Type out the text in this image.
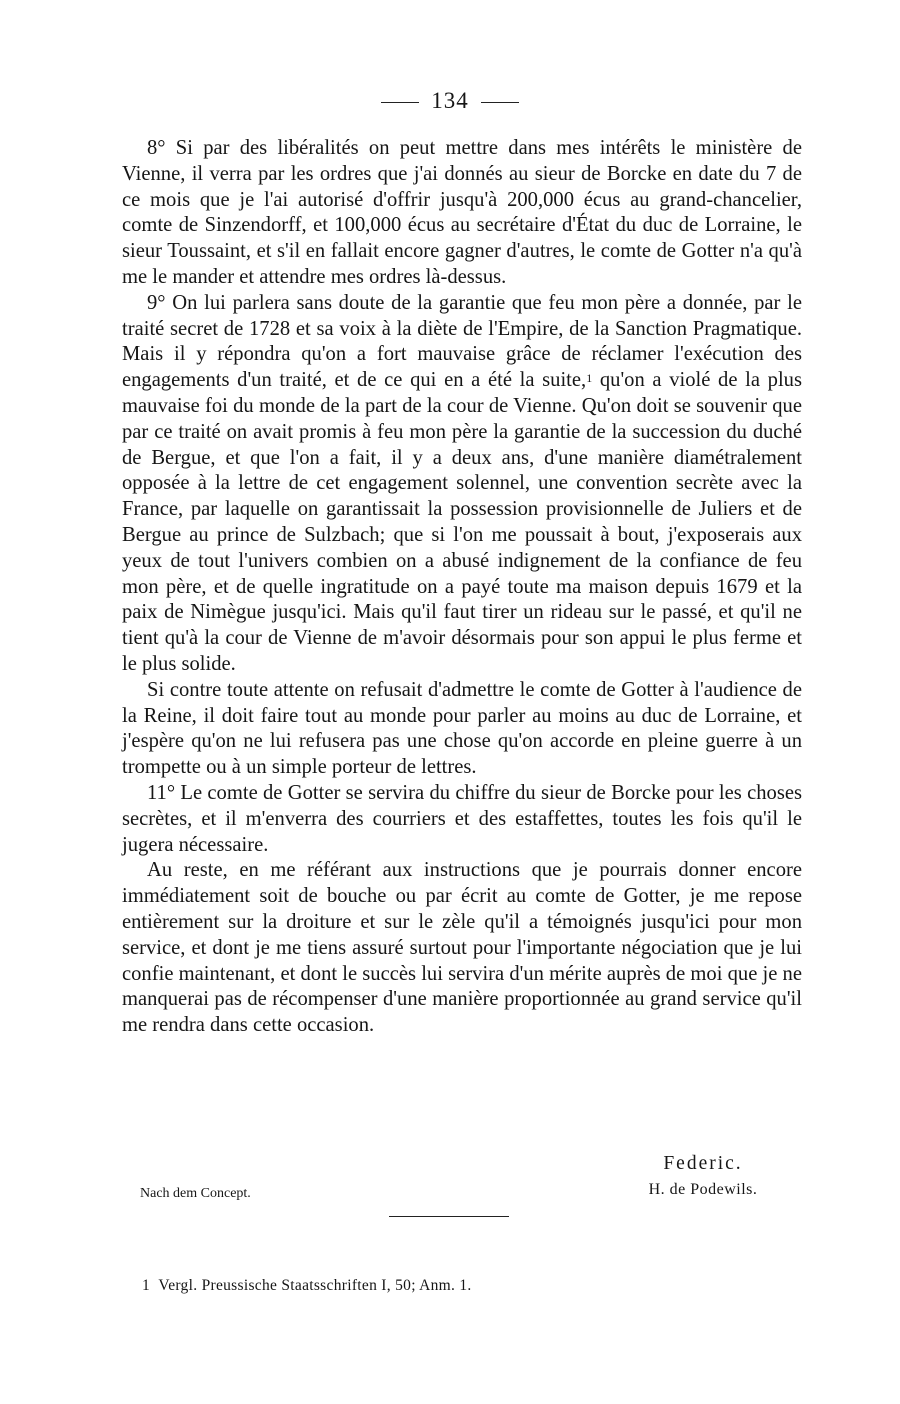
134

8° Si par des libéralités on peut mettre dans mes intérêts le ministère de Vienne, il verra par les ordres que j'ai donnés au sieur de Borcke en date du 7 de ce mois que je l'ai autorisé d'offrir jusqu'à 200,000 écus au grand-chancelier, comte de Sinzendorff, et 100,000 écus au secrétaire d'État du duc de Lorraine, le sieur Toussaint, et s'il en fallait encore gagner d'autres, le comte de Gotter n'a qu'à me le mander et attendre mes ordres là-dessus.

9° On lui parlera sans doute de la garantie que feu mon père a donnée, par le traité secret de 1728 et sa voix à la diète de l'Empire, de la Sanction Pragmatique. Mais il y répondra qu'on a fort mauvaise grâce de réclamer l'exécution des engagements d'un traité, et de ce qui en a été la suite,$^1$ qu'on a violé de la plus mauvaise foi du monde de la part de la cour de Vienne. Qu'on doit se souvenir que par ce traité on avait promis à feu mon père la garantie de la succession du duché de Bergue, et que l'on a fait, il y a deux ans, d'une manière diamétralement opposée à la lettre de cet engagement solennel, une convention secrète avec la France, par laquelle on garantissait la possession provisionnelle de Juliers et de Bergue au prince de Sulzbach; que si l'on me poussait à bout, j'exposerais aux yeux de tout l'univers combien on a abusé indignement de la confiance de feu mon père, et de quelle ingratitude on a payé toute ma maison depuis 1679 et la paix de Nimègue jusqu'ici. Mais qu'il faut tirer un rideau sur le passé, et qu'il ne tient qu'à la cour de Vienne de m'avoir désormais pour son appui le plus ferme et le plus solide.

Si contre toute attente on refusait d'admettre le comte de Gotter à l'audience de la Reine, il doit faire tout au monde pour parler au moins au duc de Lorraine, et j'espère qu'on ne lui refusera pas une chose qu'on accorde en pleine guerre à un trompette ou à un simple porteur de lettres.

11° Le comte de Gotter se servira du chiffre du sieur de Borcke pour les choses secrètes, et il m'enverra des courriers et des estaffettes, toutes les fois qu'il le jugera nécessaire.

Au reste, en me référant aux instructions que je pourrais donner encore immédiatement soit de bouche ou par écrit au comte de Gotter, je me repose entièrement sur la droiture et sur le zèle qu'il a témoignés jusqu'ici pour mon service, et dont je me tiens assuré surtout pour l'importante négociation que je lui confie maintenant, et dont le succès lui servira d'un mérite auprès de moi que je ne manquerai pas de récompenser d'une manière proportionnée au grand service qu'il me rendra dans cette occasion.

Nach dem Concept.
Federic.
H. de Podewils.
1 Vergl. Preussische Staatsschriften I, 50; Anm. 1.
